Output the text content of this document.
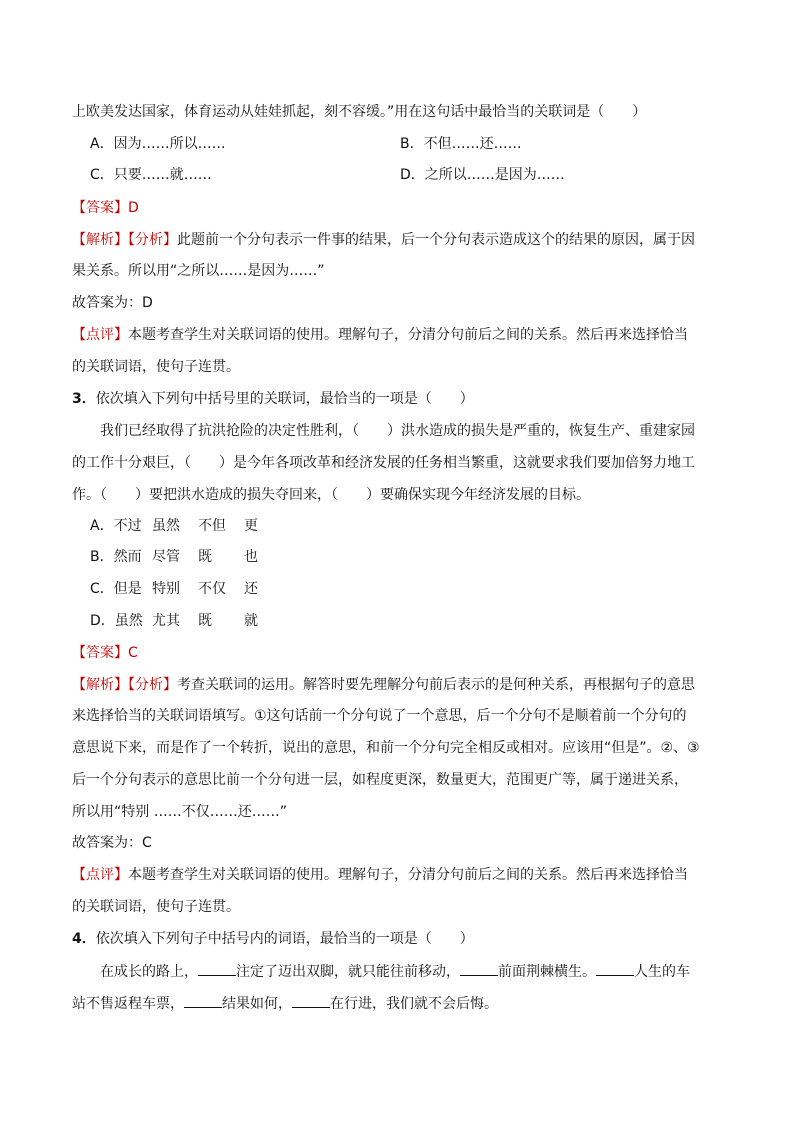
上欧美发达国家，体育运动从娃娃抓起，刻不容缓。”用在这句话中最恰当的关联词是（　　）
A．因为……所以……	B．不但……还……
C．只要……就……	D．之所以……是因为……
【答案】D
【解析】【分析】此题前一个分句表示一件事的结果，后一个分句表示造成这个的结果的原因，属于因
果关系。所以用“之所以……是因为……”
故答案为：D
【点评】本题考查学生对关联词语的使用。理解句子，分清分句前后之间的关系。然后再来选择恰当
的关联词语，使句子连贯。
3．依次填入下列句中括号里的关联词，最恰当的一项是（　　）
我们已经取得了抗洪抢险的决定性胜利，（　　）洪水造成的损失是严重的，恢复生产、重建家园
的工作十分艰巨，（　　）是今年各项改革和经济发展的任务相当繁重，这就要求我们要加倍努力地工
作。（　　）要把洪水造成的损失夺回来，（　　）要确保实现今年经济发展的目标。
A．不过 虽然 不但 更
B．然而 尽管 既 也
C．但是 特别 不仅 还
D．虽然 尤其 既 就
【答案】C
【解析】【分析】考查关联词的运用。解答时要先理解分句前后表示的是何种关系，再根据句子的意思
来选择恰当的关联词语填写。①这句话前一个分句说了一个意思，后一个分句不是顺着前一个分句的
意思说下来，而是作了一个转折，说出的意思，和前一个分句完全相反或相对。应该用“但是”。②、③
后一个分句表示的意思比前一个分句进一层，如程度更深，数量更大，范围更广等，属于递进关系，
所以用“特别 ……不仅……还……”
故答案为：C
【点评】本题考查学生对关联词语的使用。理解句子，分清分句前后之间的关系。然后再来选择恰当
的关联词语，使句子连贯。
4．依次填入下列句子中括号内的词语，最恰当的一项是（　　）
在成长的路上，	注定了迈出双脚，就只能往前移动，	前面荆棘横生。	人生的车
站不售返程车票，	结果如何，	在行进，我们就不会后悔。
